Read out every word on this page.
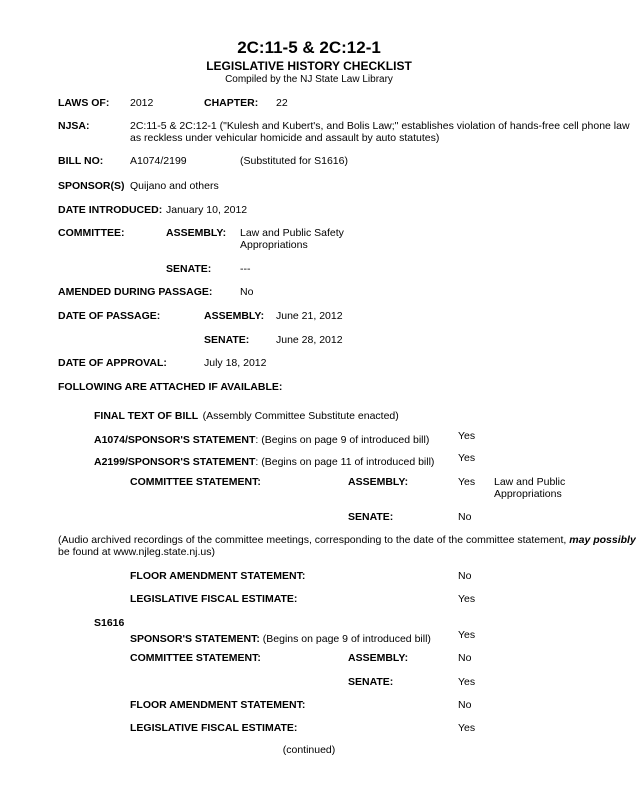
2C:11-5 & 2C:12-1
LEGISLATIVE HISTORY CHECKLIST
Compiled by the NJ State Law Library
LAWS OF: 2012	CHAPTER: 22
NJSA:	2C:11-5 & 2C:12-1 ("Kulesh and Kubert's, and Bolis Law;" establishes violation of hands-free cell phone law
as reckless under vehicular homicide and assault by auto statutes)
BILL NO:	A1074/2199	(Substituted for S1616)
SPONSOR(S) Quijano and others
DATE INTRODUCED: January 10, 2012
COMMITTEE:	ASSEMBLY: Law and Public Safety
Appropriations
SENATE:	---
AMENDED DURING PASSAGE:	No
DATE OF PASSAGE:	ASSEMBLY: June 21, 2012
SENATE:	June 28, 2012
DATE OF APPROVAL:	July 18, 2012
FOLLOWING ARE ATTACHED IF AVAILABLE:
FINAL TEXT OF BILL (Assembly Committee Substitute enacted)
A1074/SPONSOR'S STATEMENT: (Begins on page 9 of introduced bill)	Yes
A2199/SPONSOR'S STATEMENT: (Begins on page 11 of introduced bill) Yes
COMMITTEE STATEMENT:	ASSEMBLY:	Yes Law and Public
Appropriations
SENATE:	No
(Audio archived recordings of the committee meetings, corresponding to the date of the committee statement, may possibly
be found at www.njleg.state.nj.us)
FLOOR AMENDMENT STATEMENT:	No
LEGISLATIVE FISCAL ESTIMATE:	Yes
S1616
SPONSOR'S STATEMENT: (Begins on page 9 of introduced bill)	Yes
COMMITTEE STATEMENT:	ASSEMBLY:	No
SENATE:	Yes
FLOOR AMENDMENT STATEMENT:	No
LEGISLATIVE FISCAL ESTIMATE:	Yes
(continued)
